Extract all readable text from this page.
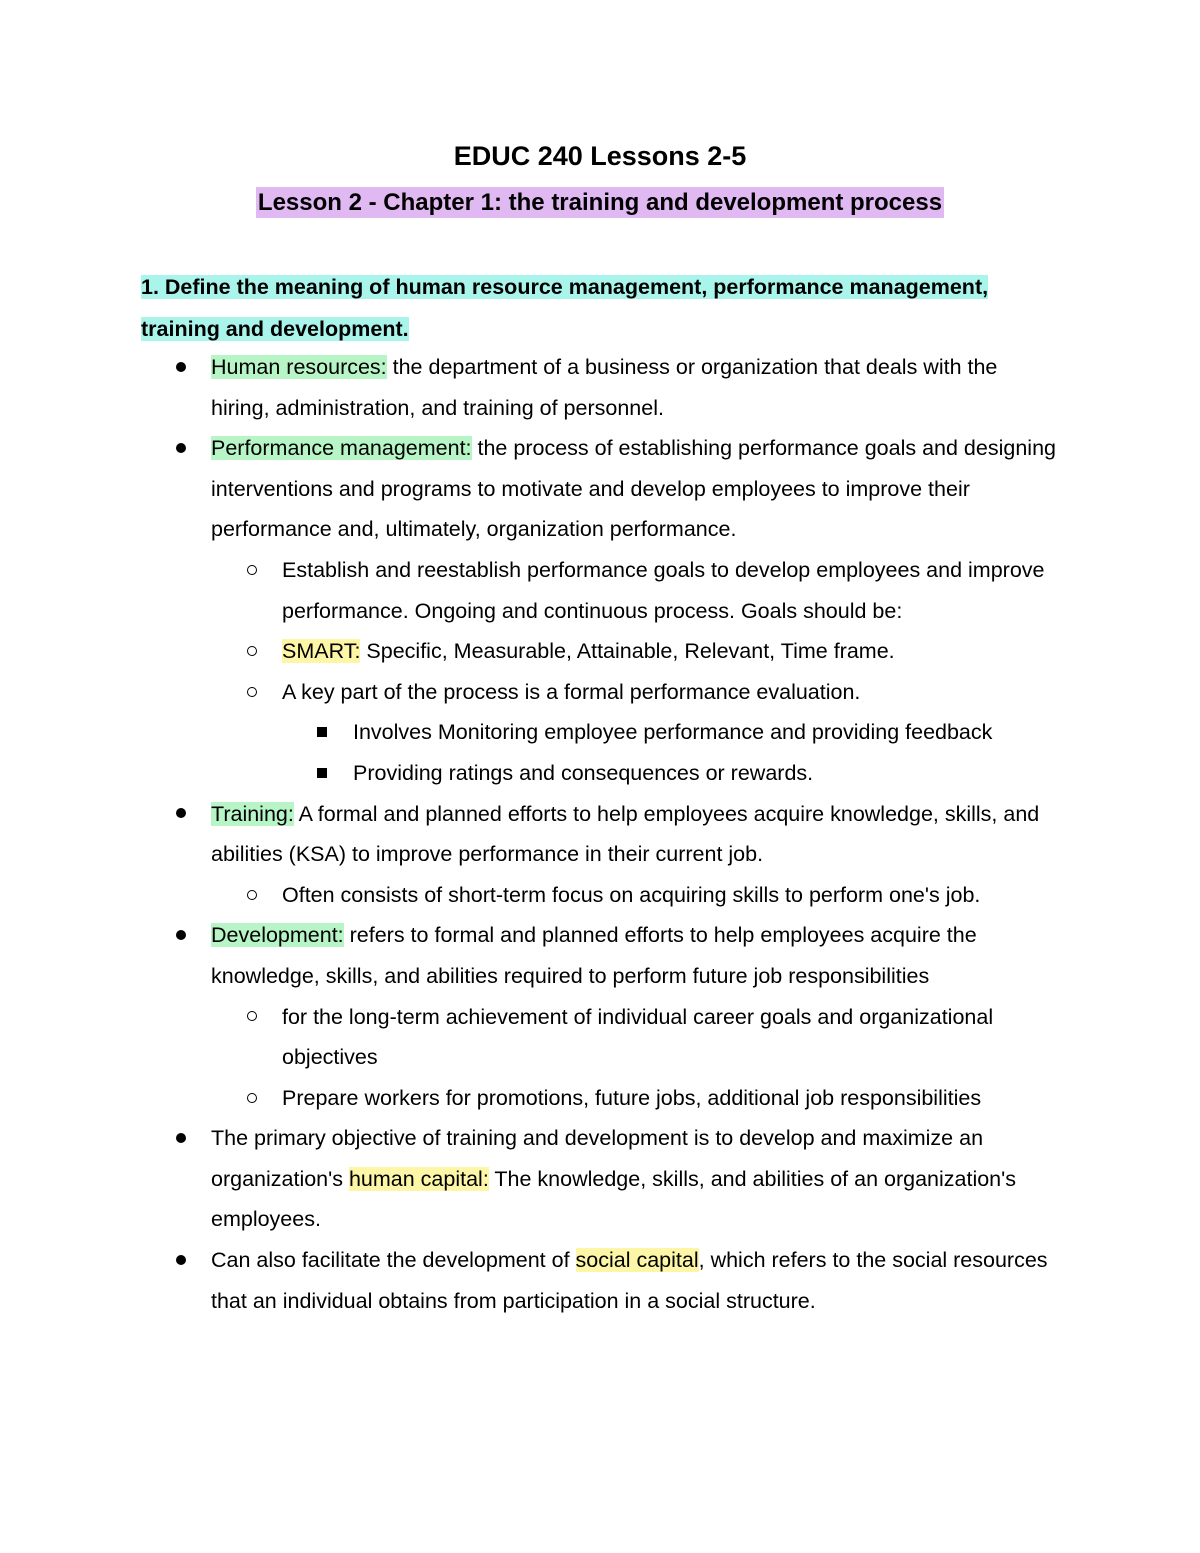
EDUC 240 Lessons 2-5
Lesson 2 - Chapter 1: the training and development process
1. Define the meaning of human resource management, performance management, training and development.
Human resources: the department of a business or organization that deals with the hiring, administration, and training of personnel.
Performance management: the process of establishing performance goals and designing interventions and programs to motivate and develop employees to improve their performance and, ultimately, organization performance.
Establish and reestablish performance goals to develop employees and improve performance. Ongoing and continuous process. Goals should be:
SMART: Specific, Measurable, Attainable, Relevant, Time frame.
A key part of the process is a formal performance evaluation.
Involves Monitoring employee performance and providing feedback
Providing ratings and consequences or rewards.
Training: A formal and planned efforts to help employees acquire knowledge, skills, and abilities (KSA) to improve performance in their current job.
Often consists of short-term focus on acquiring skills to perform one's job.
Development: refers to formal and planned efforts to help employees acquire the knowledge, skills, and abilities required to perform future job responsibilities
for the long-term achievement of individual career goals and organizational objectives
Prepare workers for promotions, future jobs, additional job responsibilities
The primary objective of training and development is to develop and maximize an organization's human capital: The knowledge, skills, and abilities of an organization's employees.
Can also facilitate the development of social capital, which refers to the social resources that an individual obtains from participation in a social structure.
